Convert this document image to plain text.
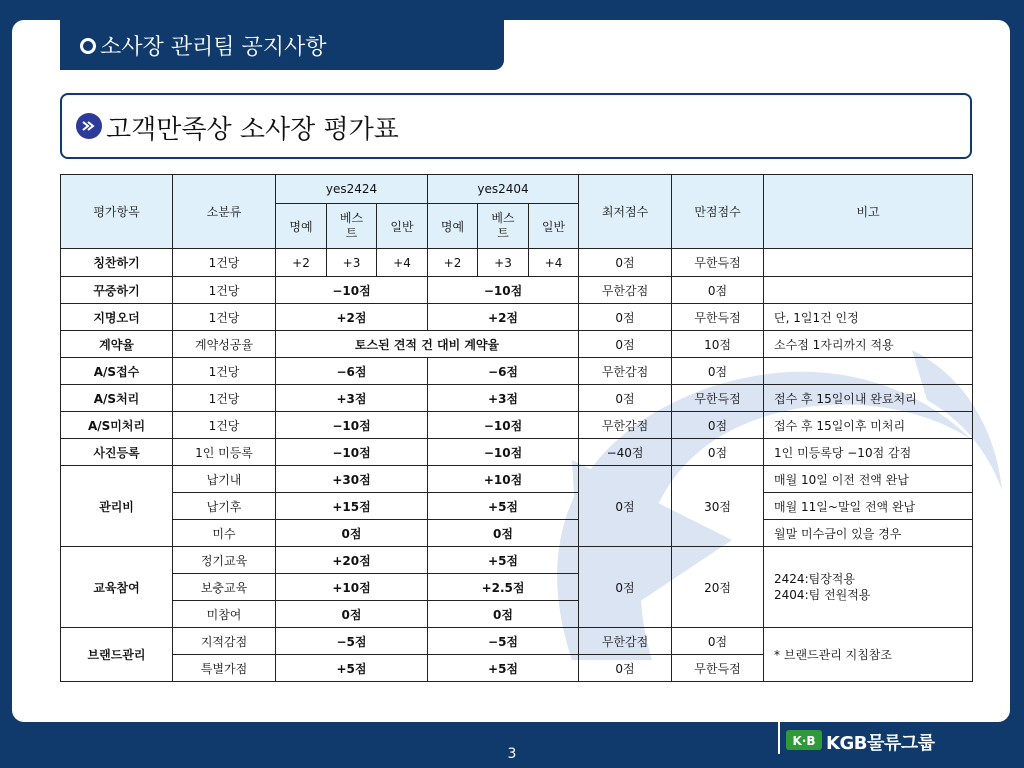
소사장 관리팀 공지사항
고객만족상 소사장 평가표
평가항목	소분류	yes2424			yes2404			최저점수	만점점수	비고
		명예	베스트	일반	명예	베스트	일반			
칭찬하기	1건당	+2	+3	+4	+2	+3	+4	0점	무한득점	
꾸중하기	1건당	−10점			−10점			무한감점	0점	
지명오더	1건당	+2점			+2점			0점	무한득점	단, 1일1건 인정
계약율	계약성공율	토스된 견적 건 대비 계약율						0점	10점	소수점 1자리까지 적용
A/S접수	1건당	−6점			−6점			무한감점	0점	
A/S처리	1건당	+3점			+3점			0점	무한득점	접수 후 15일이내 완료처리
A/S미처리	1건당	−10점			−10점			무한감점	0점	접수 후 15일이후 미처리
사진등록	1인 미등록	−10점			−10점			−40점	0점	1인 미등록당 −10점 감점
관리비	납기내	+30점			+10점			0점	30점	매월 10일 이전 전액 완납
	납기후	+15점			+5점					매월 11일~말일 전액 완납
	미수	0점			0점					월말 미수금이 있을 경우
교육참여	정기교육	+20점			+5점			0점	20점	2424:팀장적용
2404:팀 전원적용

	보충교육	+10점			+2.5점					
	미참여	0점			0점					
브랜드관리	지적감점	−5점			−5점			무한감점	0점	* 브랜드관리 지침참조
	특별가점	+5점			+5점			0점	무한득점	
K·B KGB물류그룹
3
